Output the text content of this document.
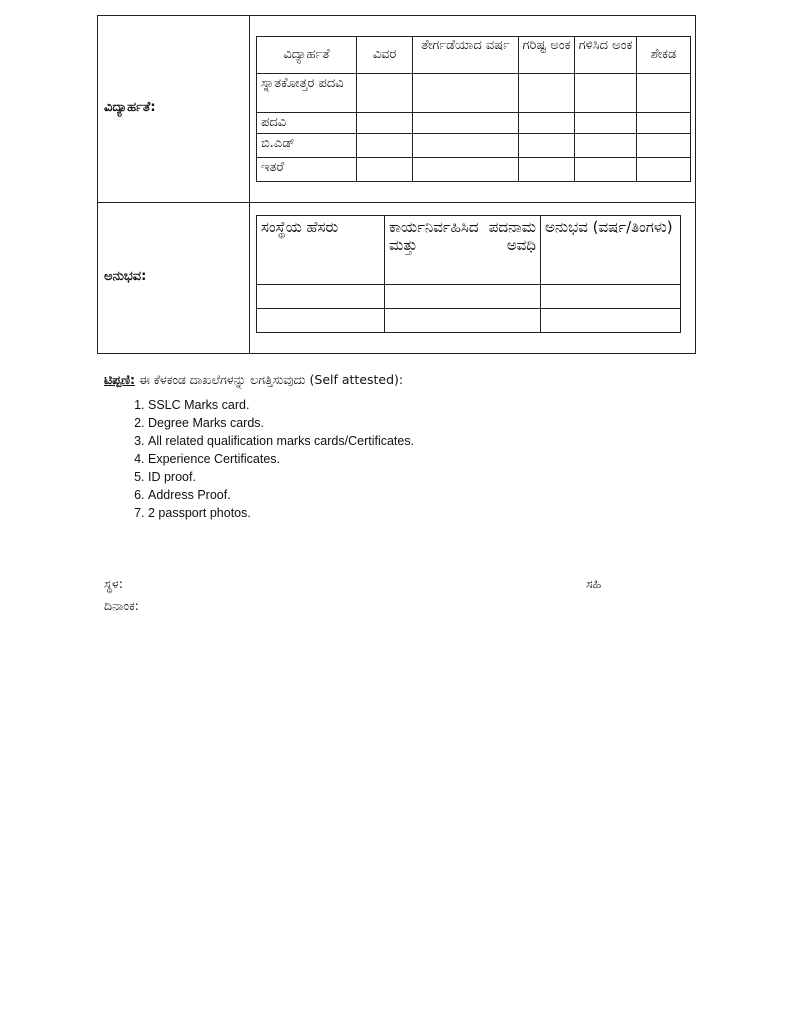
ವಿದ್ಯಾರ್ಹತೆ:
ವಿದ್ಯಾರ್ಹತೆ	ವಿವರ	ತೇರ್ಗಡೆಯಾದ ವರ್ಷ	ಗರಿಷ್ಟ ಅಂಕ	ಗಳಿಸಿದ ಅಂಕ	ಶೇಕಡ
ಸ್ನಾತಕೋತ್ತರ ಪದವಿ					
ಪದವಿ					
ಬಿ.ಎಡ್					
ಇತರೆ					
ಅನುಭವ:
ಸಂಸ್ಥೆಯ ಹೆಸರು	ಕಾರ್ಯನಿರ್ವಹಿಸಿದ ಪದನಾಮ ಮತ್ತು ಅವಧಿ	ಅನುಭವ (ವರ್ಷ/ತಿಂಗಳು)

ಟಿಪ್ಪಣಿ: ಈ ಕೆಳಕಂಡ ದಾಖಲೆಗಳನ್ನು ಲಗತ್ತಿಸುವುದು (Self attested):
1. SSLC Marks card.
2. Degree Marks cards.
3. All related qualification marks cards/Certificates.
4. Experience Certificates.
5. ID proof.
6. Address Proof.
7. 2 passport photos.
ಸ್ಥಳ:
ದಿನಾಂಕ:
ಸಹಿ
